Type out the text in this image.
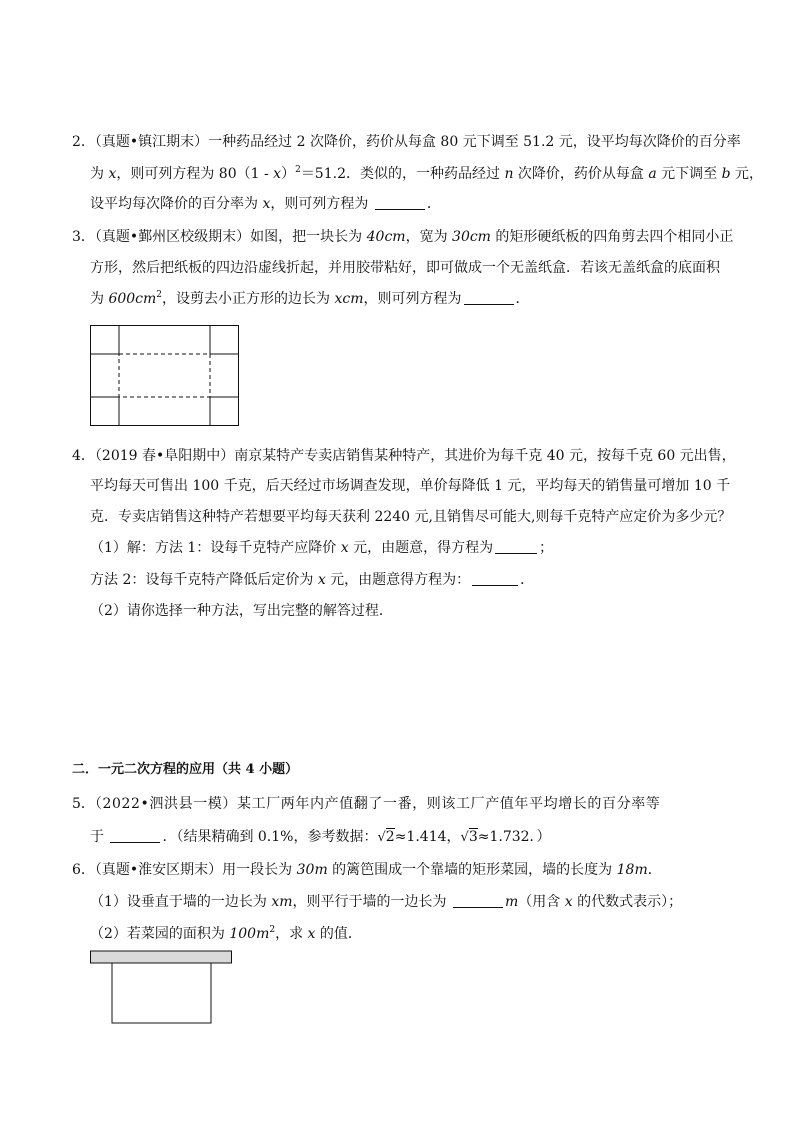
2．（真题•镇江期末）一种药品经过 2 次降价，药价从每盒 80 元下调至 51.2 元，设平均每次降价的百分率
为 x，则可列方程为 80（1 - x）$^2$＝51.2．类似的，一种药品经过 n 次降价，药价从每盒 a 元下调至 b 元，
设平均每次降价的百分率为 x，则可列方程为	．
3．（真题•鄞州区校级期末）如图，把一块长为 40cm，宽为 30cm 的矩形硬纸板的四角剪去四个相同小正
方形，然后把纸板的四边沿虚线折起，并用胶带粘好，即可做成一个无盖纸盒．若该无盖纸盒的底面积
为 $600cm^2$，设剪去小正方形的边长为 xcm，则可列方程为	．
4．（2019 春•阜阳期中）南京某特产专卖店销售某种特产，其进价为每千克 40 元，按每千克 60 元出售，
平均每天可售出 100 千克，后天经过市场调查发现，单价每降低 1 元，平均每天的销售量可增加 10 千
克．专卖店销售这种特产若想要平均每天获利 2240 元,且销售尽可能大,则每千克特产应定价为多少元？
（1）解：方法 1：设每千克特产应降价 x 元，由题意，得方程为	；
方法 2：设每千克特产降低后定价为 x 元，由题意得方程为：	．
（2）请你选择一种方法，写出完整的解答过程．
二．一元二次方程的应用（共 4 小题）
5．（2022•泗洪县一模）某工厂两年内产值翻了一番，则该工厂产值年平均增长的百分率等
于	．（结果精确到 0.1%，参考数据：√2≈1.414，√3≈1.732．）
6．（真题•淮安区期末）用一段长为 30m 的篱笆围成一个靠墙的矩形菜园，墙的长度为 18m．
（1）设垂直于墙的一边长为 xm，则平行于墙的一边长为	m（用含 x 的代数式表示）；
（2）若菜园的面积为 $100m^2$，求 x 的值．
